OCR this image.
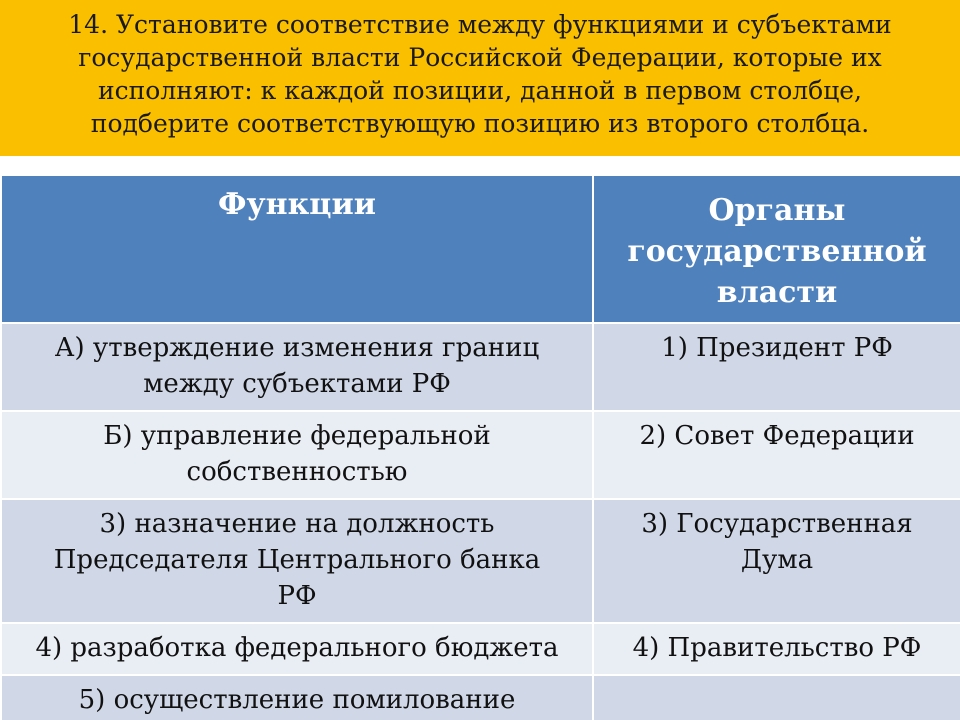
14. Установите соответствие между функциями и субъектами
государственной власти Российской Федерации, которые их
исполняют: к каждой позиции, данной в первом столбце,
подберите соответствующую позицию из второго столбца.
Функции	Органы
государственной
власти

А) утверждение изменения границ
между субъектами РФ	1) Президент РФ

Б) управление федеральной
собственностью	2) Совет Федерации

3) назначение на должность
Председателя Центрального банка
РФ	3) Государственная
Дума

4) разработка федерального бюджета	4) Правительство РФ

5) осуществление помилование	
